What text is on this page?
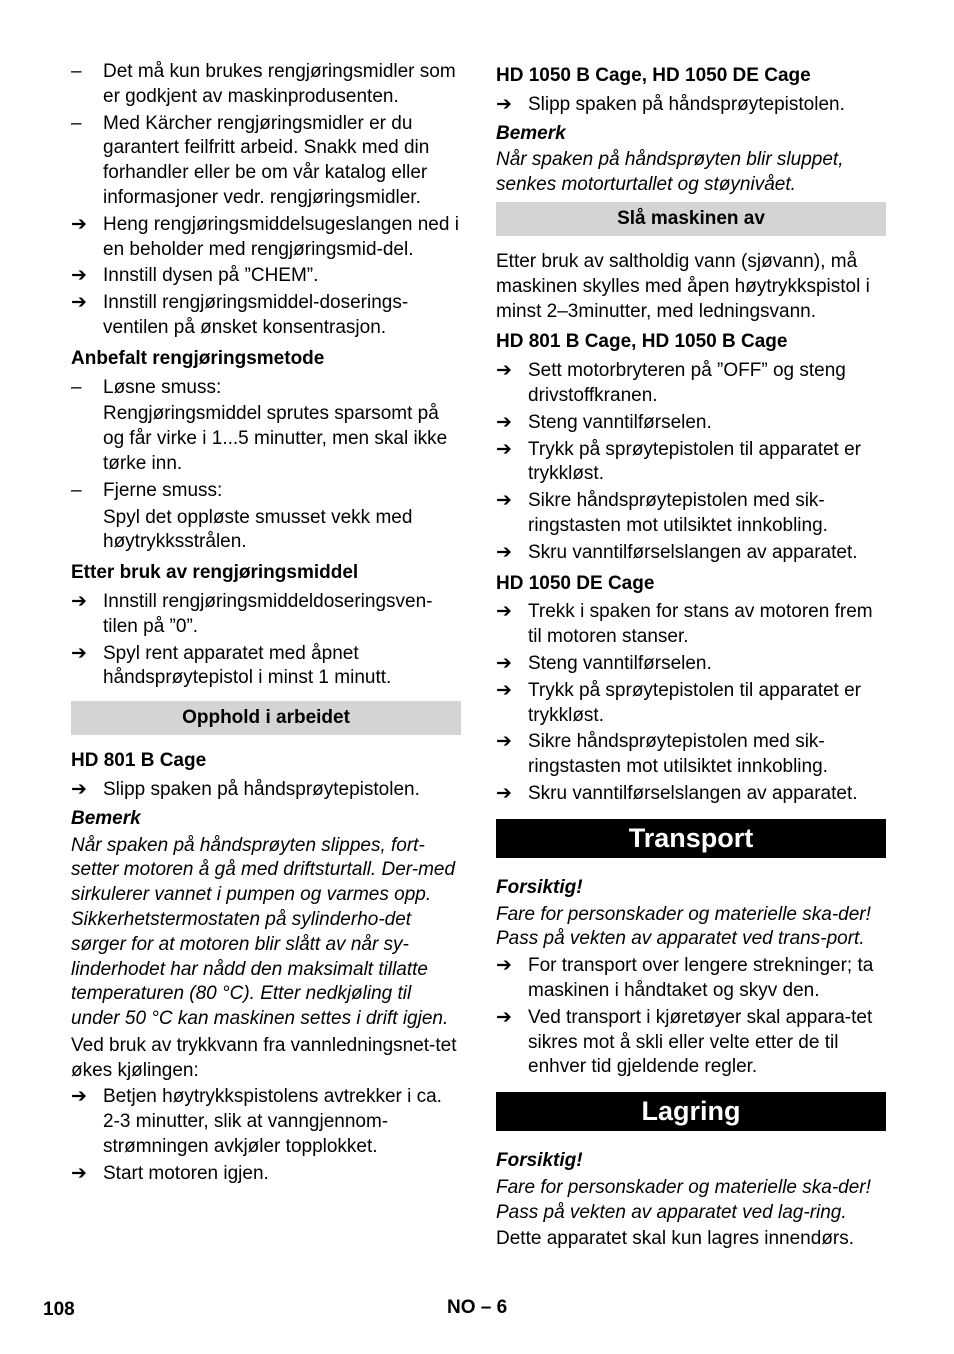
–	Det må kun brukes rengjøringsmidler som er godkjent av maskinprodusenten.
–	Med Kärcher rengjøringsmidler er du garantert feilfritt arbeid. Snakk med din forhandler eller be om vår katalog eller informasjoner vedr. rengjøringsmidler.
➔ Heng rengjøringsmiddelsugeslangen ned i en beholder med rengjøringsmid-del.
➔ Innstill dysen på ”CHEM”.
➔ Innstill rengjøringsmiddel-doserings-ventilen på ønsket konsentrasjon.
Anbefalt rengjøringsmetode
–	Løsne smuss:
Rengjøringsmiddel sprutes sparsomt på og får virke i 1...5 minutter, men skal ikke tørke inn.
–	Fjerne smuss:
Spyl det oppløste smusset vekk med høytrykksstrålen.
Etter bruk av rengjøringsmiddel
➔ Innstill rengjøringsmiddeldoseringsven-tilen på ”0”.
➔ Spyl rent apparatet med åpnet håndsprøytepistol i minst 1 minutt.
Opphold i arbeidet
HD 801 B Cage
➔ Slipp spaken på håndsprøytepistolen.
Bemerk
Når spaken på håndsprøyten slippes, fort-setter motoren å gå med driftsturtall. Der-med sirkulerer vannet i pumpen og varmes opp. Sikkerhetstermostaten på sylinderho-det sørger for at motoren blir slått av når sy-linderhodet har nådd den maksimalt tillatte temperaturen (80 °C). Etter nedkjøling til under 50 °C kan maskinen settes i drift igjen.
Ved bruk av trykkvann fra vannledningsnet-tet økes kjølingen:
➔ Betjen høytrykkspistolens avtrekker i ca. 2-3 minutter, slik at vanngjennom-strømningen avkjøler topplokket.
➔ Start motoren igjen.
HD 1050 B Cage, HD 1050 DE Cage
➔ Slipp spaken på håndsprøytepistolen.
Bemerk
Når spaken på håndsprøyten blir sluppet, senkes motorturtallet og støynivået.
Slå maskinen av
Etter bruk av saltholdig vann (sjøvann), må maskinen skylles med åpen høytrykkspistol i minst 2–3minutter, med ledningsvann.
HD 801 B Cage, HD 1050 B Cage
➔ Sett motorbryteren på ”OFF” og steng drivstoffkranen.
➔ Steng vanntilførselen.
➔ Trykk på sprøytepistolen til apparatet er trykkløst.
➔ Sikre håndsprøytepistolen med sik-ringstasten mot utilsiktet innkobling.
➔ Skru vanntilførselslangen av apparatet.
HD 1050 DE Cage
➔ Trekk i spaken for stans av motoren frem til motoren stanser.
➔ Steng vanntilførselen.
➔ Trykk på sprøytepistolen til apparatet er trykkløst.
➔ Sikre håndsprøytepistolen med sik-ringstasten mot utilsiktet innkobling.
➔ Skru vanntilførselslangen av apparatet.
Transport
Forsiktig!
Fare for personskader og materielle ska-der! Pass på vekten av apparatet ved trans-port.
➔ For transport over lengere strekninger; ta maskinen i håndtaket og skyv den.
➔ Ved transport i kjøretøyer skal appara-tet sikres mot å skli eller velte etter de til enhver tid gjeldende regler.
Lagring
Forsiktig!
Fare for personskader og materielle ska-der! Pass på vekten av apparatet ved lag-ring.
Dette apparatet skal kun lagres innendørs.
108	NO – 6
